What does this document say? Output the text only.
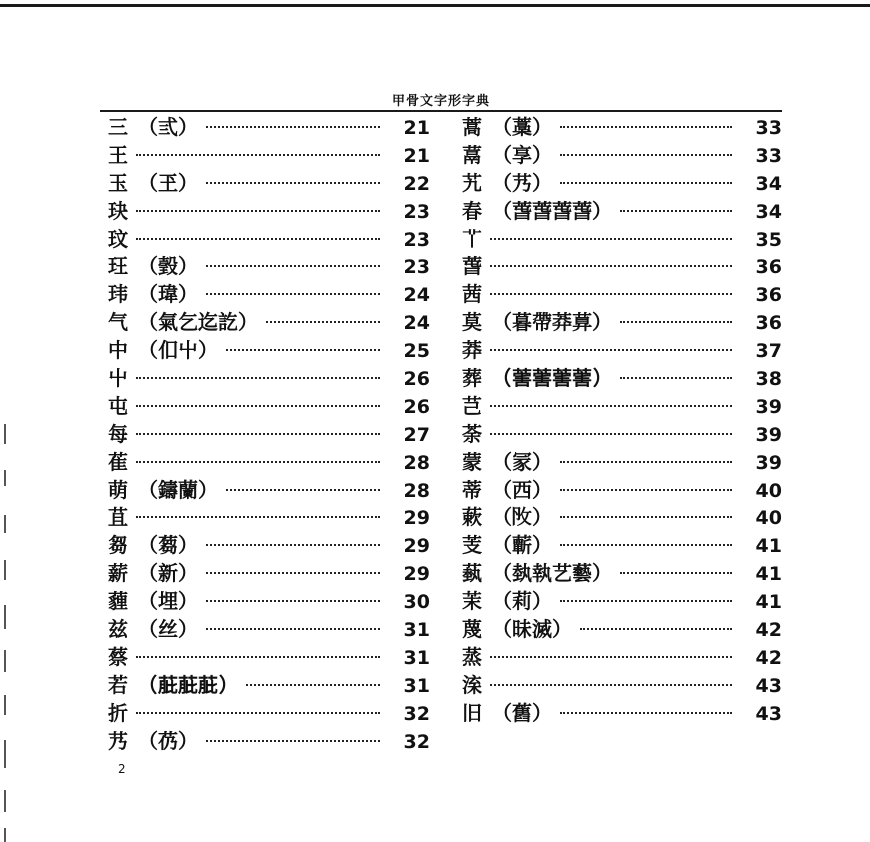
甲骨文字形字典
三 （弎）	21
王	21
玉 （玊）	22
玦	23
玟	23
玨 （瑴）	23
玮 （瑋）	24
气 （氣乞迄訖）	24
中 （㐰屮）	25
屮	26
屯	26
每	27
萑	28
萌 （鑄蘭）	28
苴	29
芻 （蒭）	29
薪 （新）	29
薶 （埋）	30
兹 （丝）	31
蔡	31
若 （𦱔𦱔𦱔）	31
折	32
艿 （芿）	32
蒿 （藁）	33
蒚 （享）	33
艽 （艿）	34
春 （萅萅萅萅）	34
𦫳	35
萅	36
茜	36
莫 （暮帶莽萛）	36
莽	37
葬 （𦵯𦵯𦵯𦵯）	38
芑	39
荼	39
蒙 （冡）	39
蒂 （西）	40
蔌 （𢻮）	40
芰 （蘄）	41
蓺 （埶執艺藝）	41
茉 （莉）	41
蔑 （昧滅）	42
蒸	42
㳿	43
旧 （舊）	43
2
